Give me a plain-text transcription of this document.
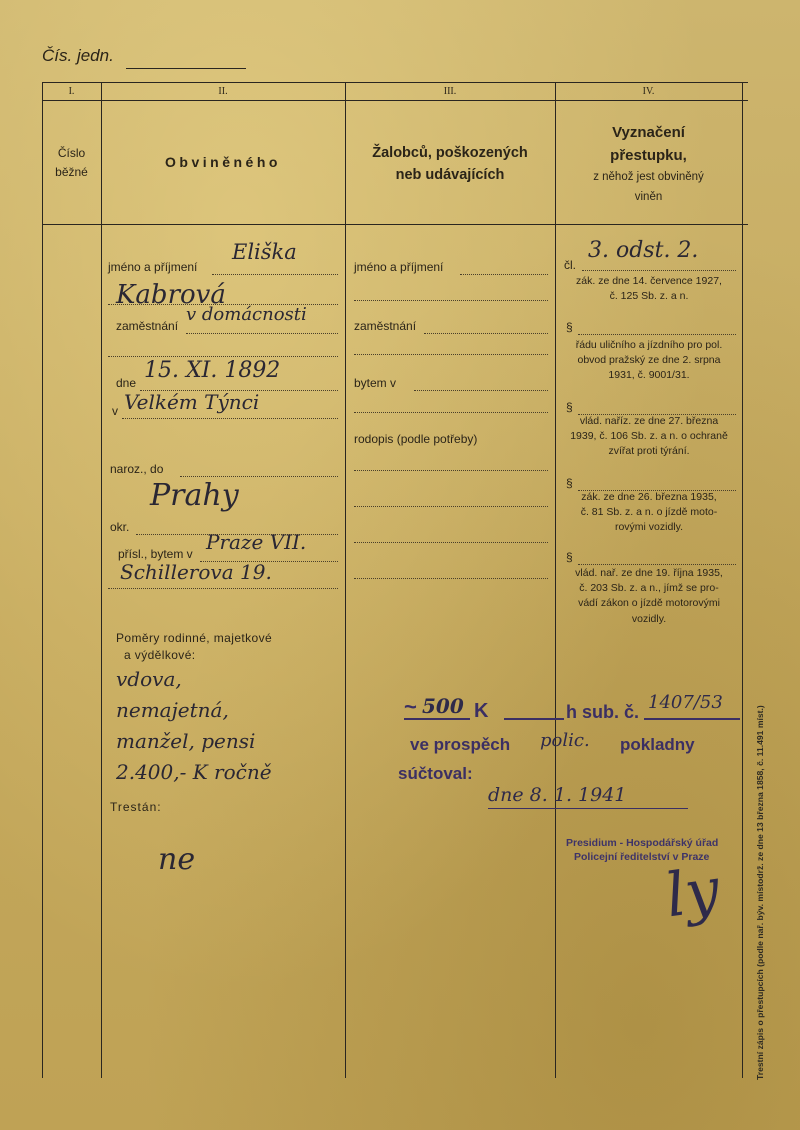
Čís. jedn.
I.	II.	III.	IV.
Číslo
běžné
Obviněného
Žalobců, poškozených
neb udávajících
Vyznačení
přestupku,
z něhož jest obviněný
viněn
jméno a příjmení
Eliška
Kabrová
zaměstnání
v domácnosti
dne 15. XI. 1892
v Velkém Týnci
naroz., do
Prahy
okr.
přísl., bytem v Praze VII.
Schillerova 19.
Poměry rodinné, majetkové
a výdělkové:
vdova,
nemajetná,
manžel, pensi
2.400,- K ročně
Trestán:
ne
jméno a příjmení
zaměstnání
bytem v
rodopis (podle potřeby)
čl.
3. odst. 2.
zák. ze dne 14. července 1927,
č. 125 Sb. z. a n.
§
řádu uličního a jízdního pro pol.
obvod pražský ze dne 2. srpna
1931, č. 9001/31.
§
vlád. naříz. ze dne 27. března
1939, č. 106 Sb. z. a n. o ochraně
zvířat proti týrání.
§
zák. ze dne 26. března 1935,
č. 81 Sb. z. a n. o jízdě moto-
rovými vozidly.
§
vlád. nař. ze dne 19. října 1935,
č. 203 Sb. z. a n., jímž se pro-
vádí zákon o jízdě motorovými
vozidly.
~ 500 K	h sub. č. 1407/53
ve prospěch polic. pokladny
súčtoval:
dne 8. 1. 1941
Presidium - Hospodářský úřad
Policejní ředitelství v Praze
ly	Trestní zápis o přestupcích (podle nař. býv. místodrž. ze dne 13 března 1858, č. 11.491 míst.)
